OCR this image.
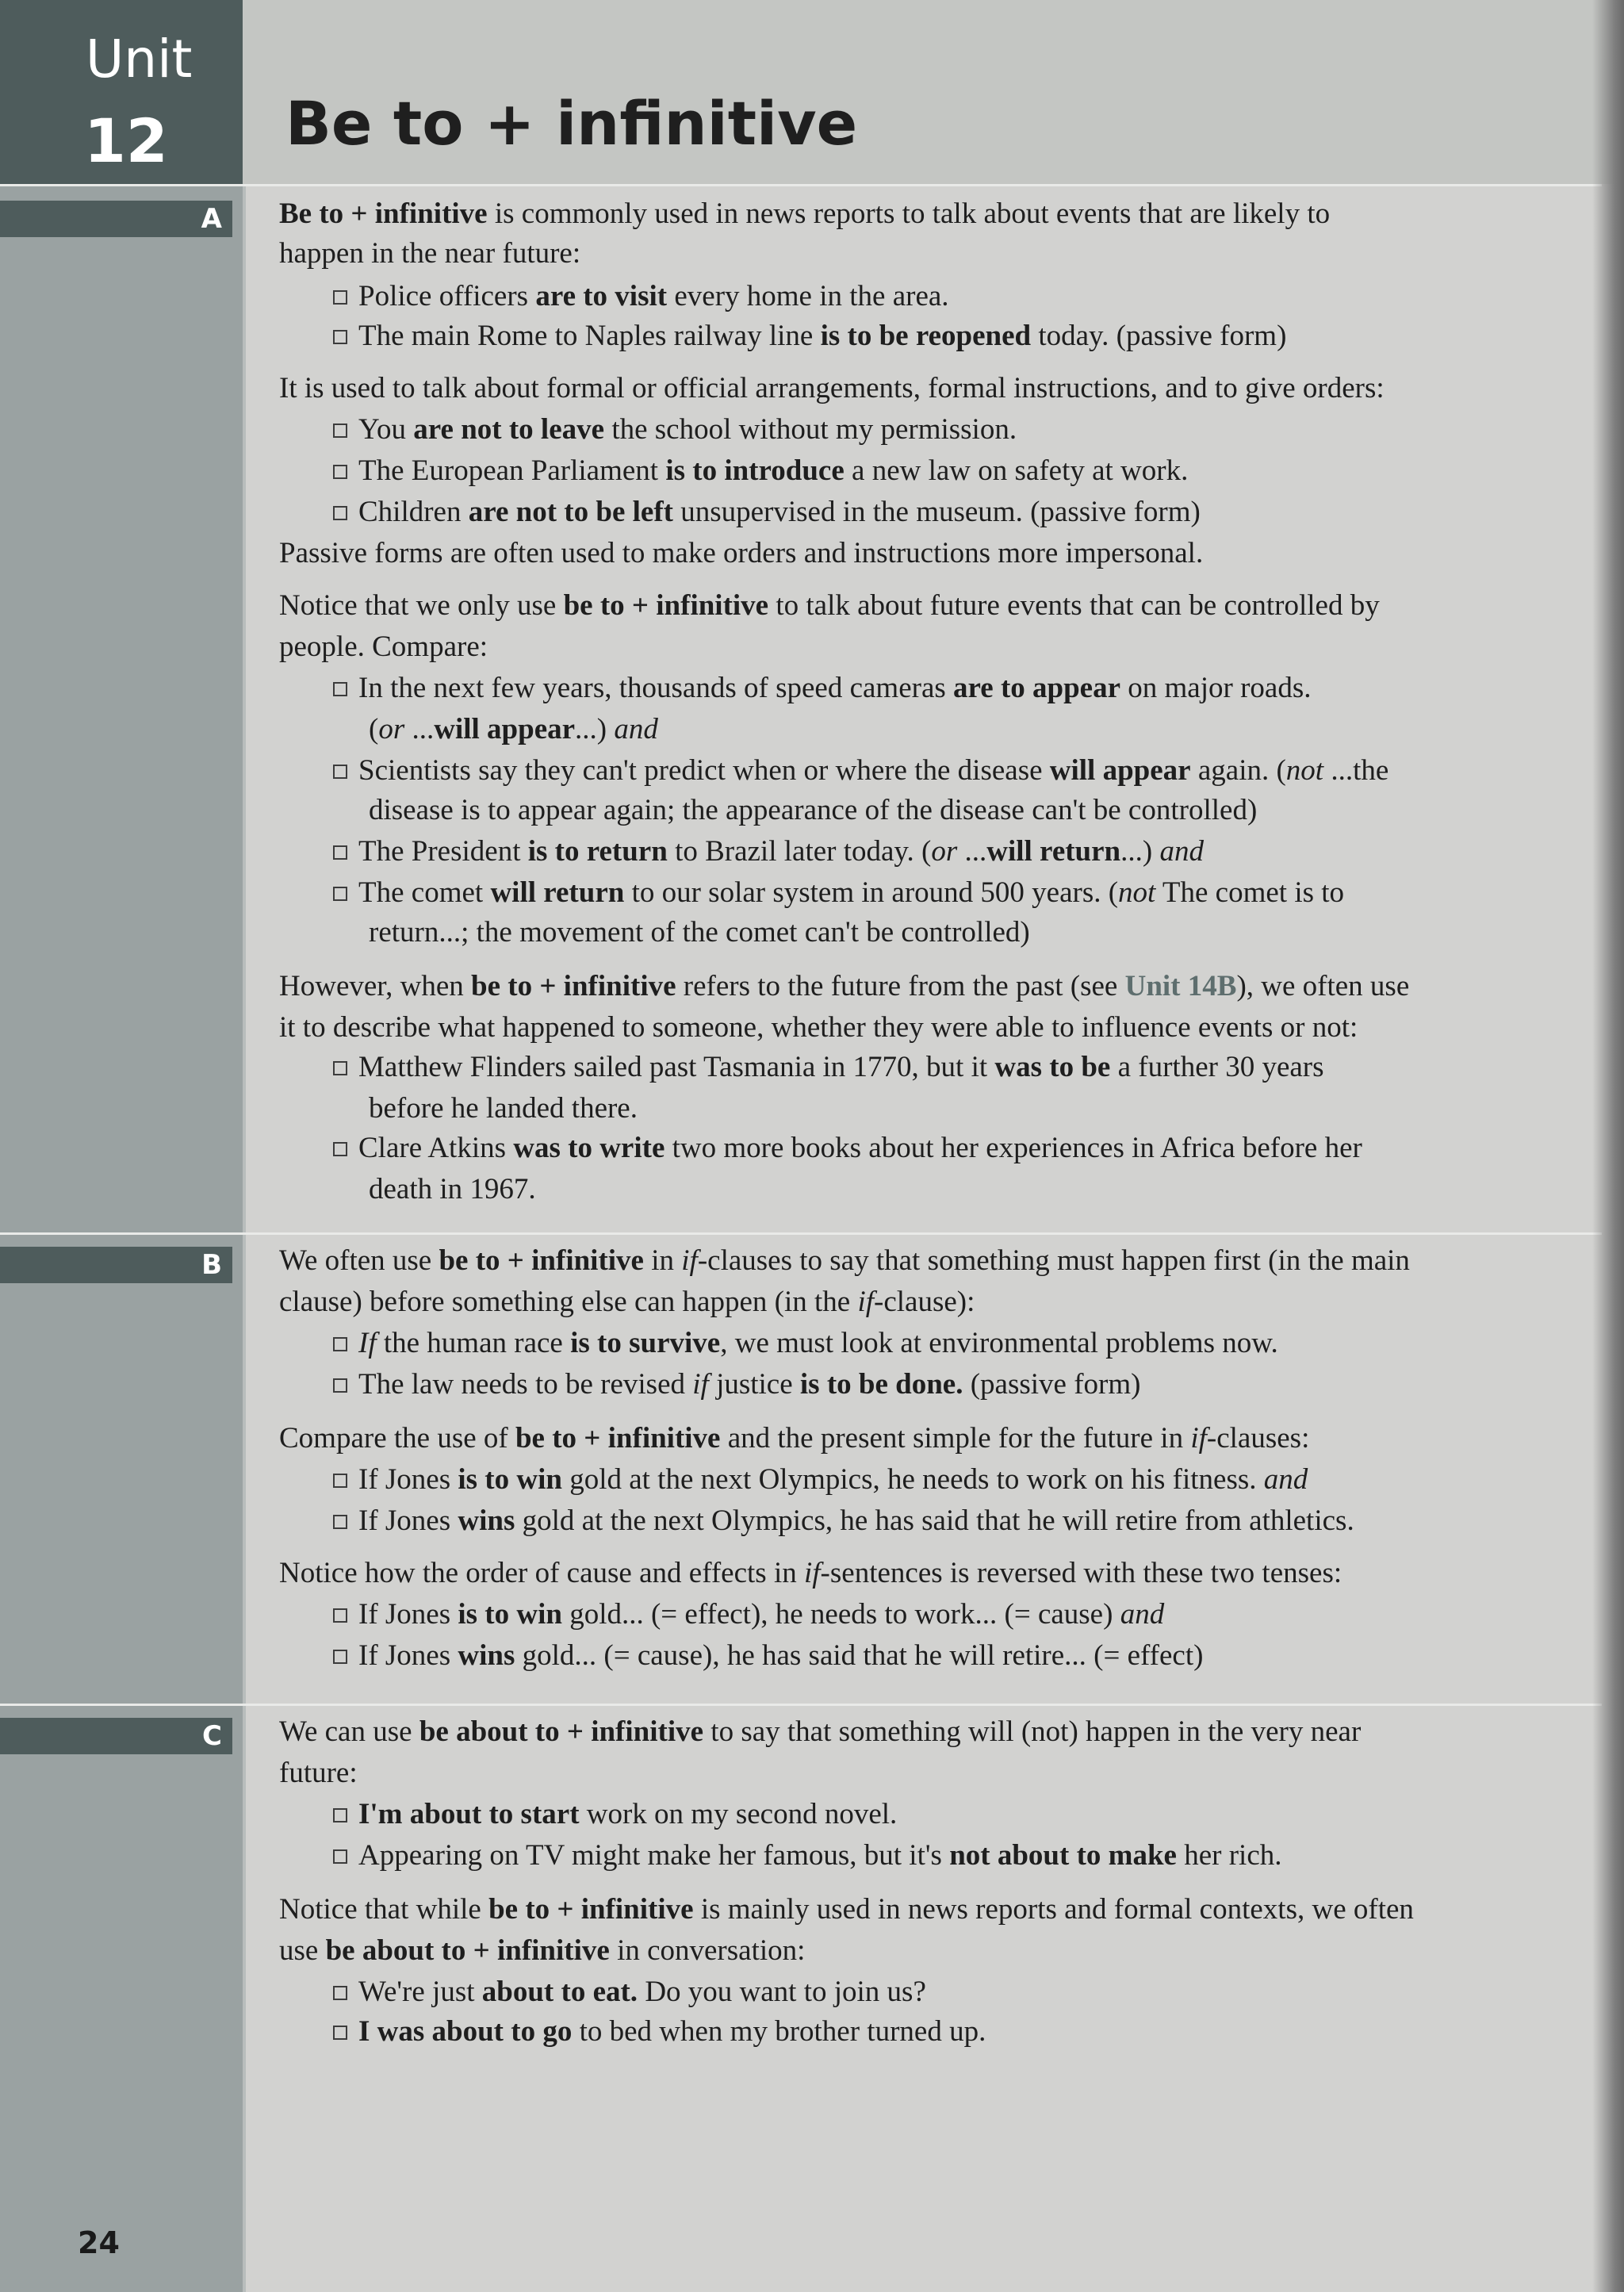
Unit
12 Be to + infinitive
A
B
C

Be to + infinitive is commonly used in news reports to talk about events that are likely to

happen in the near future:

Police officers are to visit every home in the area.

The main Rome to Naples railway line is to be reopened today. (passive form)

It is used to talk about formal or official arrangements, formal instructions, and to give orders:

You are not to leave the school without my permission.

The European Parliament is to introduce a new law on safety at work.

Children are not to be left unsupervised in the museum. (passive form)

Passive forms are often used to make orders and instructions more impersonal.

Notice that we only use be to + infinitive to talk about future events that can be controlled by

people. Compare:

In the next few years, thousands of speed cameras are to appear on major roads.

(or ...will appear...) and

Scientists say they can't predict when or where the disease will appear again. (not ...the

disease is to appear again; the appearance of the disease can't be controlled)

The President is to return to Brazil later today. (or ...will return...) and

The comet will return to our solar system in around 500 years. (not The comet is to

return...; the movement of the comet can't be controlled)

However, when be to + infinitive refers to the future from the past (see Unit 14B), we often use

it to describe what happened to someone, whether they were able to influence events or not:

Matthew Flinders sailed past Tasmania in 1770, but it was to be a further 30 years

before he landed there.

Clare Atkins was to write two more books about her experiences in Africa before her

death in 1967.

We often use be to + infinitive in if-clauses to say that something must happen first (in the main

clause) before something else can happen (in the if-clause):

If the human race is to survive, we must look at environmental problems now.

The law needs to be revised if justice is to be done. (passive form)

Compare the use of be to + infinitive and the present simple for the future in if-clauses:

If Jones is to win gold at the next Olympics, he needs to work on his fitness. and

If Jones wins gold at the next Olympics, he has said that he will retire from athletics.

Notice how the order of cause and effects in if-sentences is reversed with these two tenses:

If Jones is to win gold... (= effect), he needs to work... (= cause) and

If Jones wins gold... (= cause), he has said that he will retire... (= effect)

We can use be about to + infinitive to say that something will (not) happen in the very near

future:

I'm about to start work on my second novel.

Appearing on TV might make her famous, but it's not about to make her rich.

Notice that while be to + infinitive is mainly used in news reports and formal contexts, we often

use be about to + infinitive in conversation:

We're just about to eat. Do you want to join us?

I was about to go to bed when my brother turned up.

24
